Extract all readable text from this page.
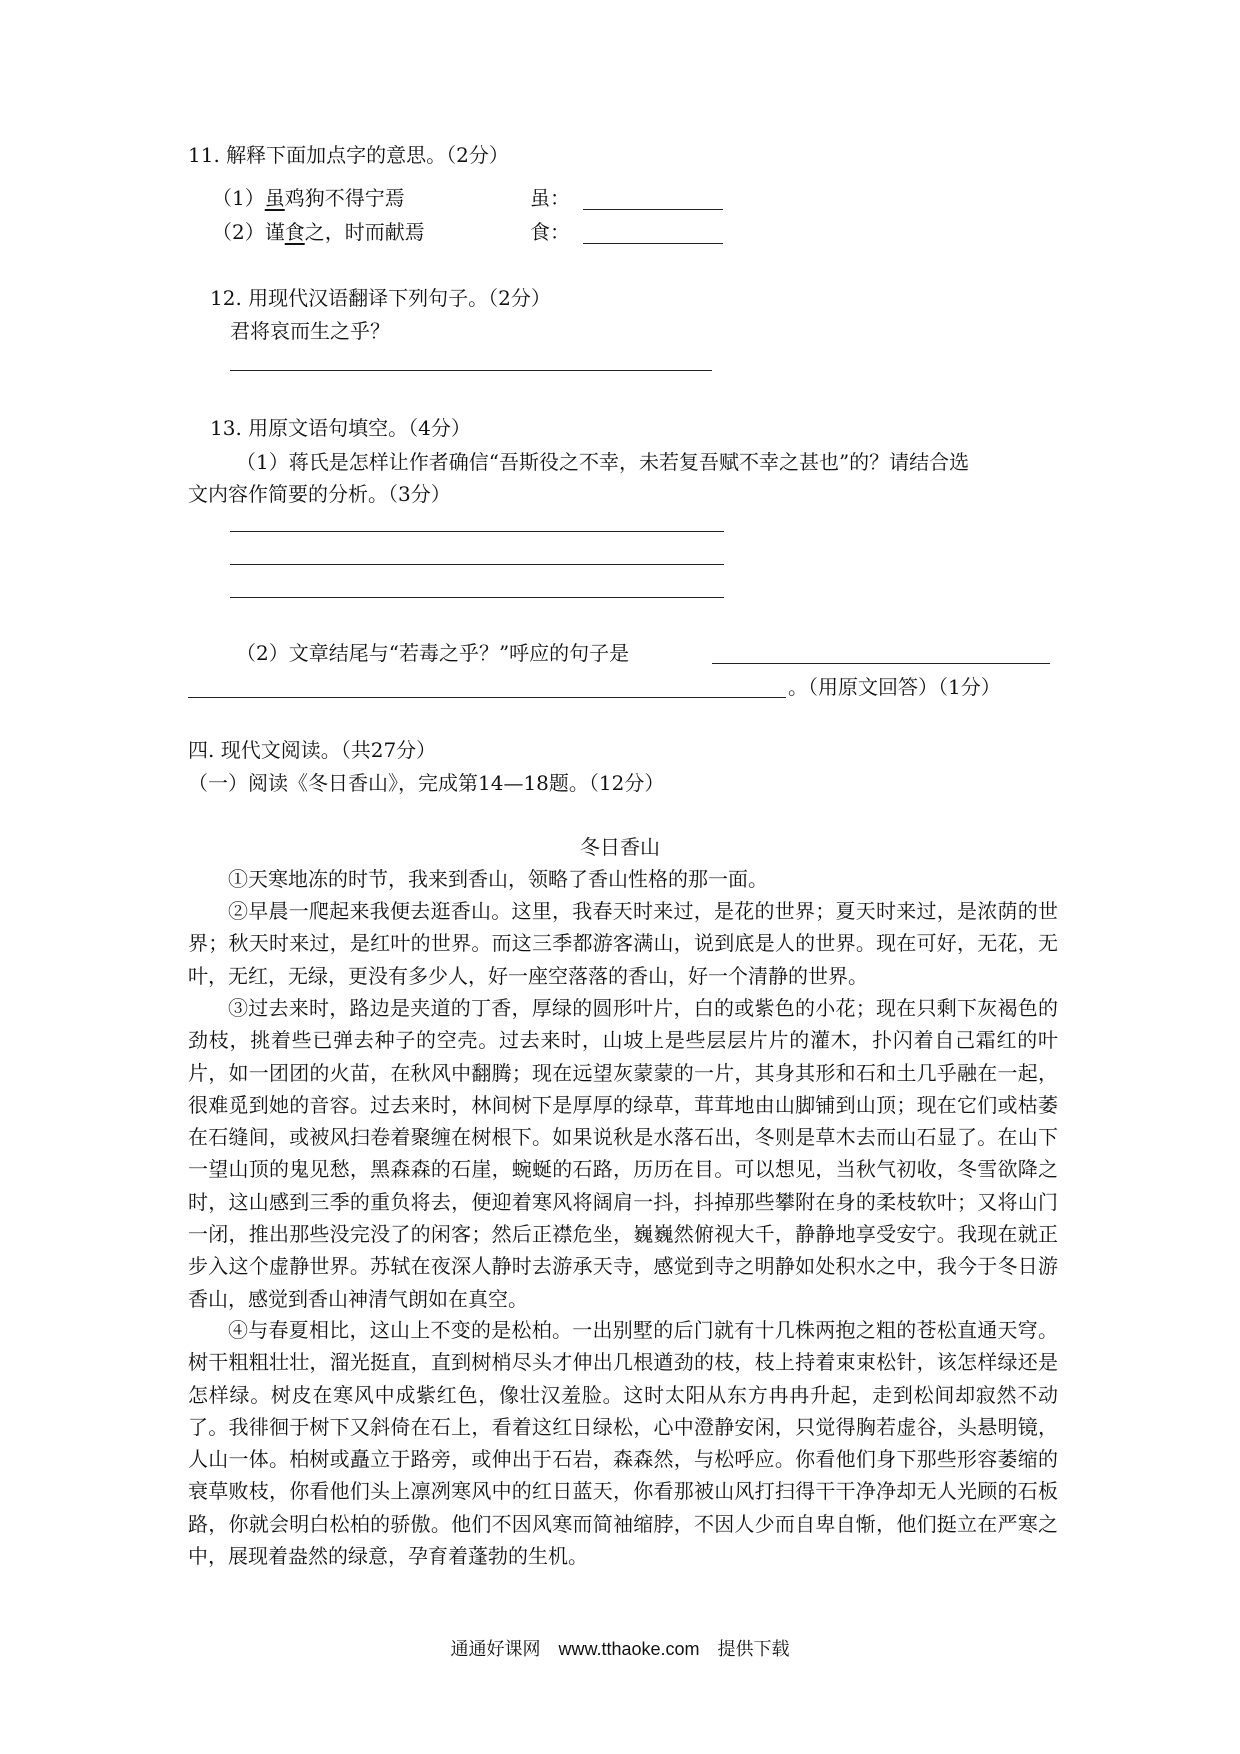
11. 解释下面加点字的意思。（2分）
（1）虽鸡狗不得宁焉	虽：
（2）谨食之，时而献焉	食：
12. 用现代汉语翻译下列句子。（2分）
君将哀而生之乎？
13. 用原文语句填空。（4分）
（1）蒋氏是怎样让作者确信“吾斯役之不幸，未若复吾赋不幸之甚也”的？请结合选
文内容作简要的分析。（3分）
（2）文章结尾与“若毒之乎？”呼应的句子是
。（用原文回答）（1分）
四. 现代文阅读。（共27分）
（一）阅读《冬日香山》，完成第14—18题。（12分）
冬日香山

①天寒地冻的时节，我来到香山，领略了香山性格的那一面。

②早晨一爬起来我便去逛香山。这里，我春天时来过，是花的世界；夏天时来过，是浓荫的世界；秋天时来过，是红叶的世界。而这三季都游客满山，说到底是人的世界。现在可好，无花，无叶，无红，无绿，更没有多少人，好一座空落落的香山，好一个清静的世界。

③过去来时，路边是夹道的丁香，厚绿的圆形叶片，白的或紫色的小花；现在只剩下灰褐色的劲枝，挑着些已弹去种子的空壳。过去来时，山坡上是些层层片片的灌木，扑闪着自己霜红的叶片，如一团团的火苗，在秋风中翻腾；现在远望灰蒙蒙的一片，其身其形和石和土几乎融在一起，很难觅到她的音容。过去来时，林间树下是厚厚的绿草，茸茸地由山脚铺到山顶；现在它们或枯萎在石缝间，或被风扫卷着聚缠在树根下。如果说秋是水落石出，冬则是草木去而山石显了。在山下一望山顶的鬼见愁，黑森森的石崖，蜿蜒的石路，历历在目。可以想见，当秋气初收，冬雪欲降之时，这山感到三季的重负将去，便迎着寒风将阔肩一抖，抖掉那些攀附在身的柔枝软叶；又将山门一闭，推出那些没完没了的闲客；然后正襟危坐，巍巍然俯视大千，静静地享受安宁。我现在就正步入这个虚静世界。苏轼在夜深人静时去游承天寺，感觉到寺之明静如处积水之中，我今于冬日游香山，感觉到香山神清气朗如在真空。

④与春夏相比，这山上不变的是松柏。一出别墅的后门就有十几株两抱之粗的苍松直通天穹。树干粗粗壮壮，溜光挺直，直到树梢尽头才伸出几根遒劲的枝，枝上持着束束松针，该怎样绿还是怎样绿。树皮在寒风中成紫红色，像壮汉羞脸。这时太阳从东方冉冉升起，走到松间却寂然不动了。我徘徊于树下又斜倚在石上，看着这红日绿松，心中澄静安闲，只觉得胸若虚谷，头悬明镜，人山一体。柏树或矗立于路旁，或伸出于石岩，森森然，与松呼应。你看他们身下那些形容萎缩的衰草败枝，你看他们头上凛冽寒风中的红日蓝天，你看那被山风打扫得干干净净却无人光顾的石板路，你就会明白松柏的骄傲。他们不因风寒而简袖缩脖，不因人少而自卑自惭，他们挺立在严寒之中，展现着盎然的绿意，孕育着蓬勃的生机。

通通好课网　www.tthaoke.com　提供下载
